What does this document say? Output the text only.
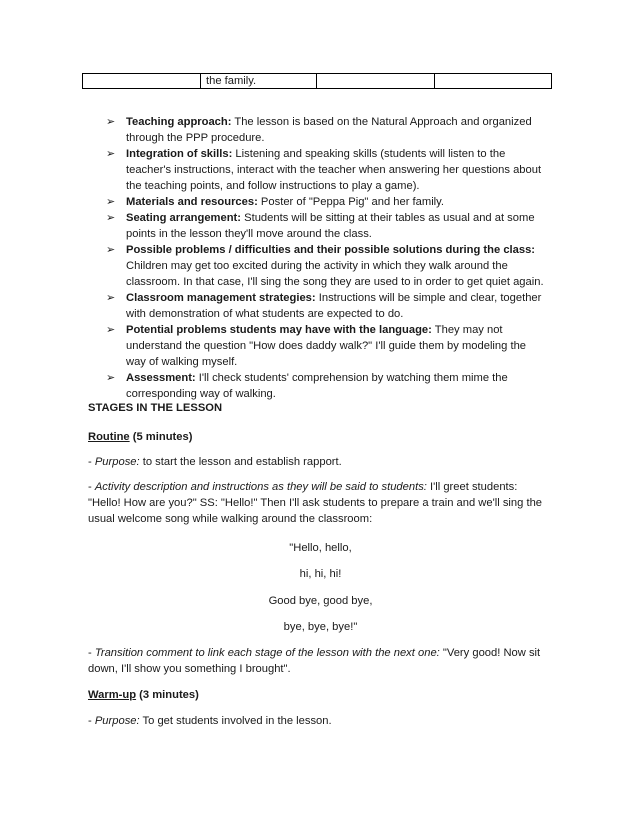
	the family.		
➢ Teaching approach: The lesson is based on the Natural Approach and organized through the PPP procedure.
➢ Integration of skills: Listening and speaking skills (students will listen to the teacher's instructions, interact with the teacher when answering her questions about the teaching points, and follow instructions to play a game).
➢ Materials and resources: Poster of "Peppa Pig" and her family.
➢ Seating arrangement: Students will be sitting at their tables as usual and at some points in the lesson they'll move around the class.
➢ Possible problems / difficulties and their possible solutions during the class: Children may get too excited during the activity in which they walk around the classroom. In that case, I'll sing the song they are used to in order to get quiet again.
➢ Classroom management strategies: Instructions will be simple and clear, together with demonstration of what students are expected to do.
➢ Potential problems students may have with the language: They may not understand the question "How does daddy walk?" I'll guide them by modeling the way of walking myself.
➢ Assessment: I'll check students' comprehension by watching them mime the corresponding way of walking.
STAGES IN THE LESSON
Routine (5 minutes)
- Purpose: to start the lesson and establish rapport.
- Activity description and instructions as they will be said to students: I'll greet students: "Hello! How are you?" SS: "Hello!" Then I'll ask students to prepare a train and we'll sing the usual welcome song while walking around the classroom:
"Hello, hello,
hi, hi, hi!
Good bye, good bye,
bye, bye, bye!"
- Transition comment to link each stage of the lesson with the next one: "Very good! Now sit down, I'll show you something I brought".
Warm-up (3 minutes)
- Purpose: To get students involved in the lesson.
